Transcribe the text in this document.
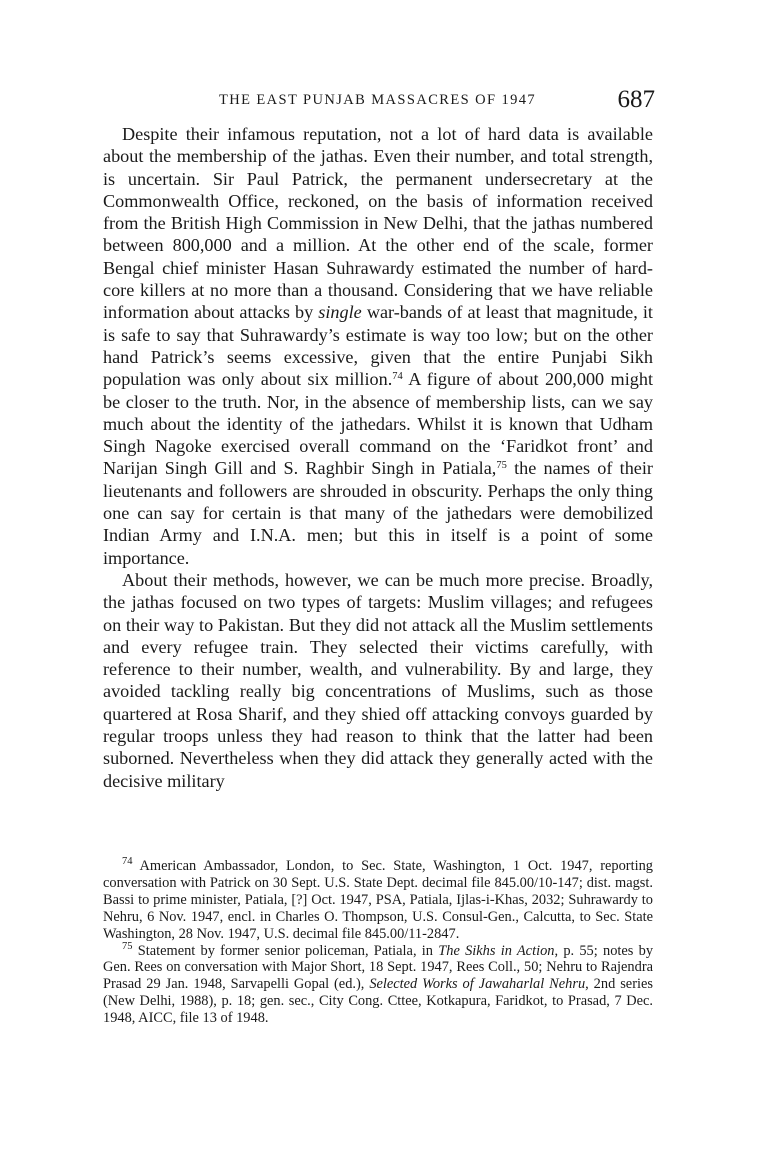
THE EAST PUNJAB MASSACRES OF 1947	687

Despite their infamous reputation, not a lot of hard data is available about the membership of the jathas. Even their number, and total strength, is uncertain. Sir Paul Patrick, the permanent undersecretary at the Commonwealth Office, reckoned, on the basis of information received from the British High Commission in New Delhi, that the jathas numbered between 800,000 and a million. At the other end of the scale, former Bengal chief minister Hasan Suhrawardy estimated the number of hard-core killers at no more than a thousand. Considering that we have reliable information about attacks by single war-bands of at least that magnitude, it is safe to say that Suhrawardy’s estimate is way too low; but on the other hand Patrick’s seems excessive, given that the entire Punjabi Sikh population was only about six million.$^{74}$ A figure of about 200,000 might be closer to the truth. Nor, in the absence of membership lists, can we say much about the identity of the jathedars. Whilst it is known that Udham Singh Nagoke exercised overall command on the ‘Faridkot front’ and Narijan Singh Gill and S. Raghbir Singh in Patiala,$^{75}$ the names of their lieutenants and followers are shrouded in obscurity. Perhaps the only thing one can say for certain is that many of the jathedars were demobilized Indian Army and I.N.A. men; but this in itself is a point of some importance.

About their methods, however, we can be much more precise. Broadly, the jathas focused on two types of targets: Muslim villages; and refugees on their way to Pakistan. But they did not attack all the Muslim settlements and every refugee train. They selected their victims carefully, with reference to their number, wealth, and vulnerability. By and large, they avoided tackling really big concentrations of Muslims, such as those quartered at Rosa Sharif, and they shied off attacking convoys guarded by regular troops unless they had reason to think that the latter had been suborned. Nevertheless when they did attack they generally acted with the decisive military

$^{74}$ American Ambassador, London, to Sec. State, Washington, 1 Oct. 1947, reporting conversation with Patrick on 30 Sept. U.S. State Dept. decimal file 845.00/10-147; dist. magst. Bassi to prime minister, Patiala, [?] Oct. 1947, PSA, Patiala, Ijlas-i-Khas, 2032; Suhrawardy to Nehru, 6 Nov. 1947, encl. in Charles O. Thompson, U.S. Consul-Gen., Calcutta, to Sec. State Washington, 28 Nov. 1947, U.S. decimal file 845.00/11-2847.

$^{75}$ Statement by former senior policeman, Patiala, in The Sikhs in Action, p. 55; notes by Gen. Rees on conversation with Major Short, 18 Sept. 1947, Rees Coll., 50; Nehru to Rajendra Prasad 29 Jan. 1948, Sarvapelli Gopal (ed.), Selected Works of Jawaharlal Nehru, 2nd series (New Delhi, 1988), p. 18; gen. sec., City Cong. Cttee, Kotkapura, Faridkot, to Prasad, 7 Dec. 1948, AICC, file 13 of 1948.
